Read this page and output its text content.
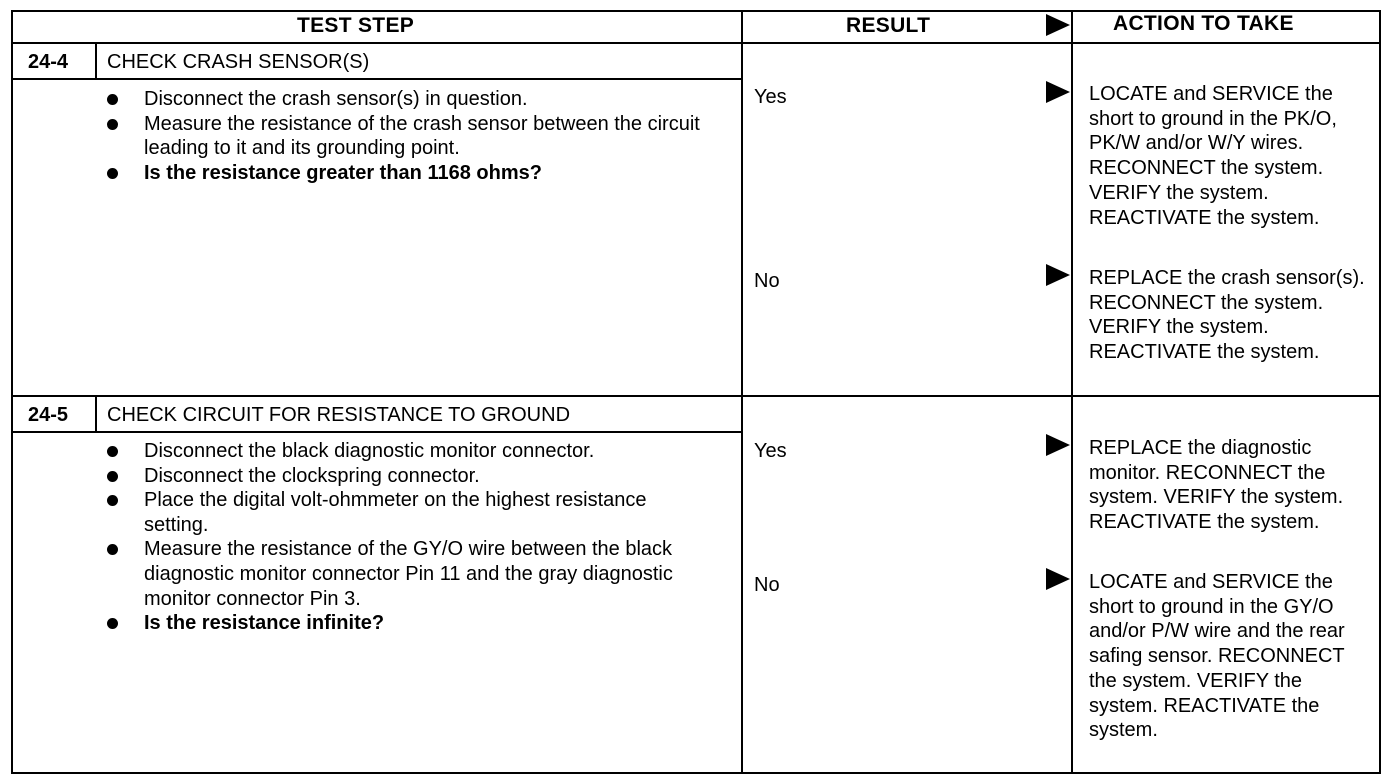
TEST STEP	RESULT	ACTION TO TAKE
24-4 CHECK CRASH SENSOR(S)
Disconnect the crash sensor(s) in question.
Measure the resistance of the crash sensor between the circuit leading to it and its grounding point.
Is the resistance greater than 1168 ohms?
Yes	LOCATE and SERVICE the short to ground in the PK/O, PK/W and/or W/Y wires. RECONNECT the system. VERIFY the system. REACTIVATE the system.
No	REPLACE the crash sensor(s). RECONNECT the system. VERIFY the system. REACTIVATE the system.
24-5 CHECK CIRCUIT FOR RESISTANCE TO GROUND
Disconnect the black diagnostic monitor connector.
Disconnect the clockspring connector.
Place the digital volt-ohmmeter on the highest resistance setting.
Measure the resistance of the GY/O wire between the black diagnostic monitor connector Pin 11 and the gray diagnostic monitor connector Pin 3.
Is the resistance infinite?
Yes	REPLACE the diagnostic monitor. RECONNECT the system. VERIFY the system. REACTIVATE the system.
No	LOCATE and SERVICE the short to ground in the GY/O and/or P/W wire and the rear safing sensor. RECONNECT the system. VERIFY the system. REACTIVATE the system.
